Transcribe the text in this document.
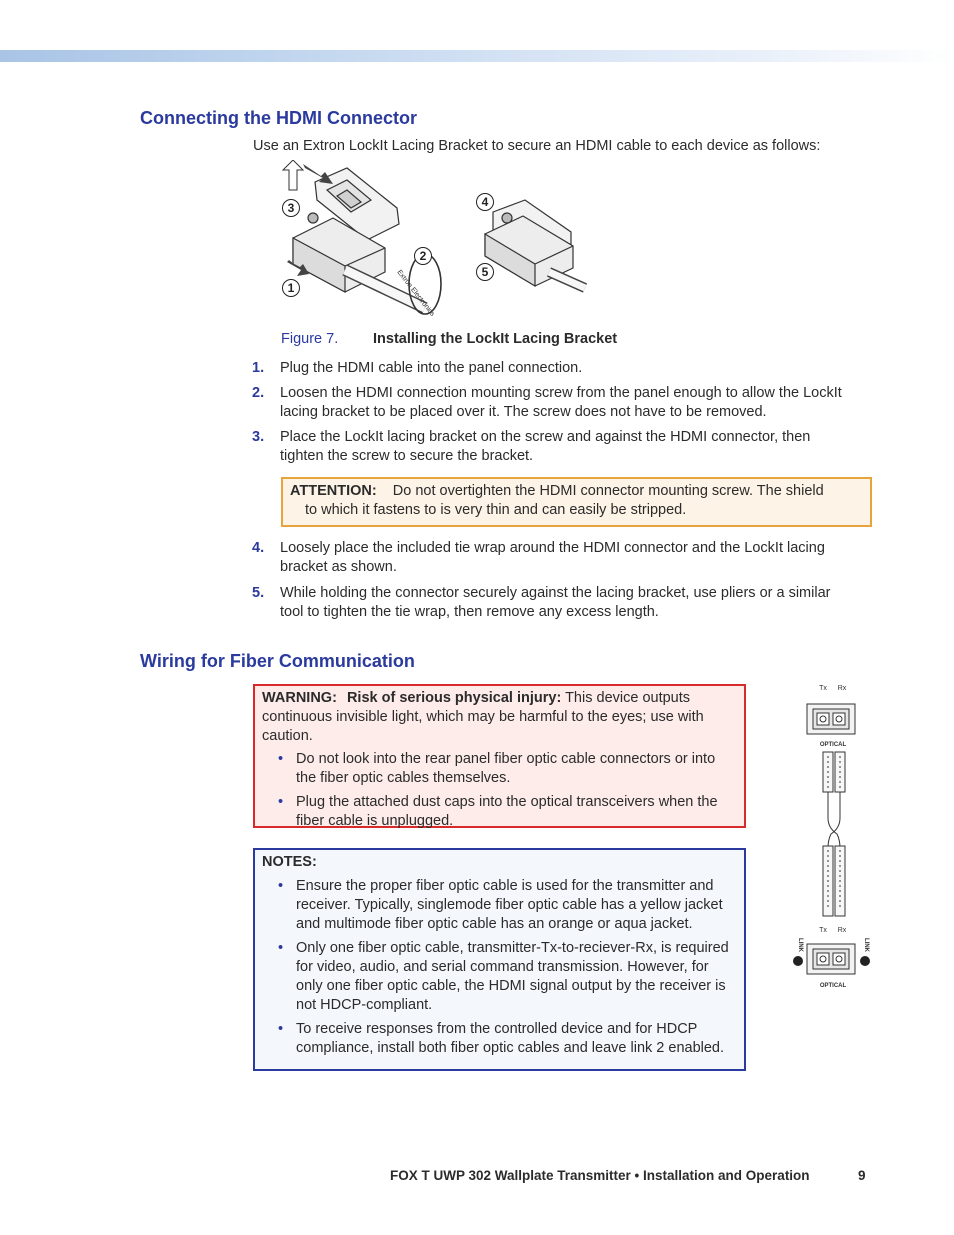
Connecting the HDMI Connector

Use an Extron LockIt Lacing Bracket to secure an HDMI cable to each device as follows:

Extron Electronics
3
1
2
4
5
Figure 7. Installing the LockIt Lacing Bracket
1. Plug the HDMI cable into the panel connection.
2. Loosen the HDMI connection mounting screw from the panel enough to allow the LockIt lacing bracket to be placed over it. The screw does not have to be removed.
3. Place the LockIt lacing bracket on the screw and against the HDMI connector, then tighten the screw to secure the bracket.
ATTENTION: Do not overtighten the HDMI connector mounting screw. The shield
to which it fastens to is very thin and can easily be stripped.
4. Loosely place the included tie wrap around the HDMI connector and the LockIt lacing bracket as shown.
5. While holding the connector securely against the lacing bracket, use pliers or a similar tool to tighten the tie wrap, then remove any excess length.
Wiring for Fiber Communication
WARNING: Risk of serious physical injury: This device outputs continuous invisible light, which may be harmful to the eyes; use with caution.
• Do not look into the rear panel fiber optic cable connectors or into the fiber optic cables themselves.
• Plug the attached dust caps into the optical transceivers when the fiber cable is unplugged.
NOTES:
• Ensure the proper fiber optic cable is used for the transmitter and receiver. Typically, singlemode fiber optic cable has a yellow jacket and multimode fiber optic cable has an orange or aqua jacket.
• Only one fiber optic cable, transmitter-Tx-to-reciever-Rx, is required for video, audio, and serial command transmission. However, for only one fiber optic cable, the HDMI signal output by the receiver is not HDCP-compliant.
• To receive responses from the controlled device and for HDCP compliance, install both fiber optic cables and leave link 2 enabled.
Tx Rx
OPTICAL
Tx Rx
OPTICAL
LINK	LINK
FOX T UWP 302 Wallplate Transmitter • Installation and Operation	9
